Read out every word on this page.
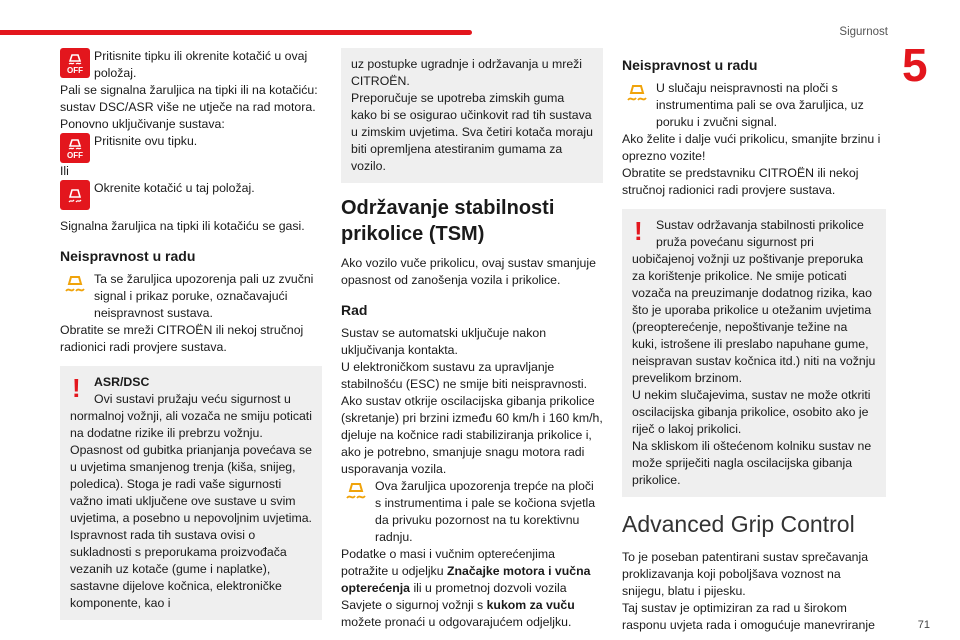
Sigurnost
5
71
OFF

Pritisnite tipku ili okrenite kotačić u ovaj položaj.

Pali se signalna žaruljica na tipki ili na kotačiću: sustav DSC/ASR više ne utječe na rad motora.

Ponovno uključivanje sustava:

OFF

Pritisnite ovu tipku.

Ili

Okrenite kotačić u taj položaj.

Signalna žaruljica na tipki ili kotačiću se gasi.

Neispravnost u radu

Ta se žaruljica upozorenja pali uz zvučni signal i prikaz poruke, označavajući neispravnost sustava.

Obratite se mreži CITROËN ili nekoj stručnoj radionici radi provjere sustava.

!	ASR/DSC

Ovi sustavi pružaju veću sigurnost u normalnoj vožnji, ali vozača ne smiju poticati na dodatne rizike ili prebrzu vožnju.

Opasnost od gubitka prianjanja povećava se u uvjetima smanjenog trenja (kiša, snijeg, poledica). Stoga je radi vaše sigurnosti važno imati uključene ove sustave u svim uvjetima, a posebno u nepovoljnim uvjetima.

Ispravnost rada tih sustava ovisi o sukladnosti s preporukama proizvođača vezanih uz kotače (gume i naplatke), sastavne dijelove kočnica, elektroničke komponente, kao i

uz postupke ugradnje i održavanja u mreži CITROËN.

Preporučuje se upotreba zimskih guma kako bi se osigurao učinkovit rad tih sustava u zimskim uvjetima. Sva četiri kotača moraju biti opremljena atestiranim gumama za vozilo.

Održavanje stabilnosti prikolice (TSM)

Ako vozilo vuče prikolicu, ovaj sustav smanjuje opasnost od zanošenja vozila i prikolice.

Rad

Sustav se automatski uključuje nakon uključivanja kontakta.

U elektroničkom sustavu za upravljanje stabilnošću (ESC) ne smije biti neispravnosti.

Ako sustav otkrije oscilacijska gibanja prikolice (skretanje) pri brzini između 60 km/h i 160 km/h, djeluje na kočnice radi stabiliziranja prikolice i, ako je potrebno, smanjuje snagu motora radi usporavanja vozila.

Ova žaruljica upozorenja trepće na ploči s instrumentima i pale se kočiona svjetla da privuku pozornost na tu korektivnu radnju.

Podatke o masi i vučnim opterećenjima potražite u odjeljku Značajke motora i vučna opterećenja ili u prometnoj dozvoli vozila

Savjete o sigurnoj vožnji s kukom za vuču možete pronaći u odgovarajućem odjeljku.

Neispravnost u radu

U slučaju neispravnosti na ploči s instrumentima pali se ova žaruljica, uz poruku i zvučni signal.

Ako želite i dalje vući prikolicu, smanjite brzinu i oprezno vozite!

Obratite se predstavniku CITROËN ili nekoj stručnoj radionici radi provjere sustava.

!	Sustav održavanja stabilnosti prikolice pruža povećanu sigurnost pri uobičajenoj vožnji uz poštivanje preporuka za korištenje prikolice. Ne smije poticati vozača na preuzimanje dodatnog rizika, kao što je uporaba prikolice u otežanim uvjetima (preopterećenje, nepoštivanje težine na kuki, istrošene ili preslabo napuhane gume, neispravan sustav kočnica itd.) niti na vožnju prevelikom brzinom.

U nekim slučajevima, sustav ne može otkriti oscilacijska gibanja prikolice, osobito ako je riječ o lakoj prikolici.

Na skliskom ili oštećenom kolniku sustav ne može spriječiti nagla oscilacijska gibanja prikolice.

Advanced Grip Control

To je poseban patentirani sustav sprečavanja proklizavanja koji poboljšava voznost na snijegu, blatu i pijesku.

Taj sustav je optimiziran za rad u širokom rasponu uvjeta rada i omogućuje manevriranje
